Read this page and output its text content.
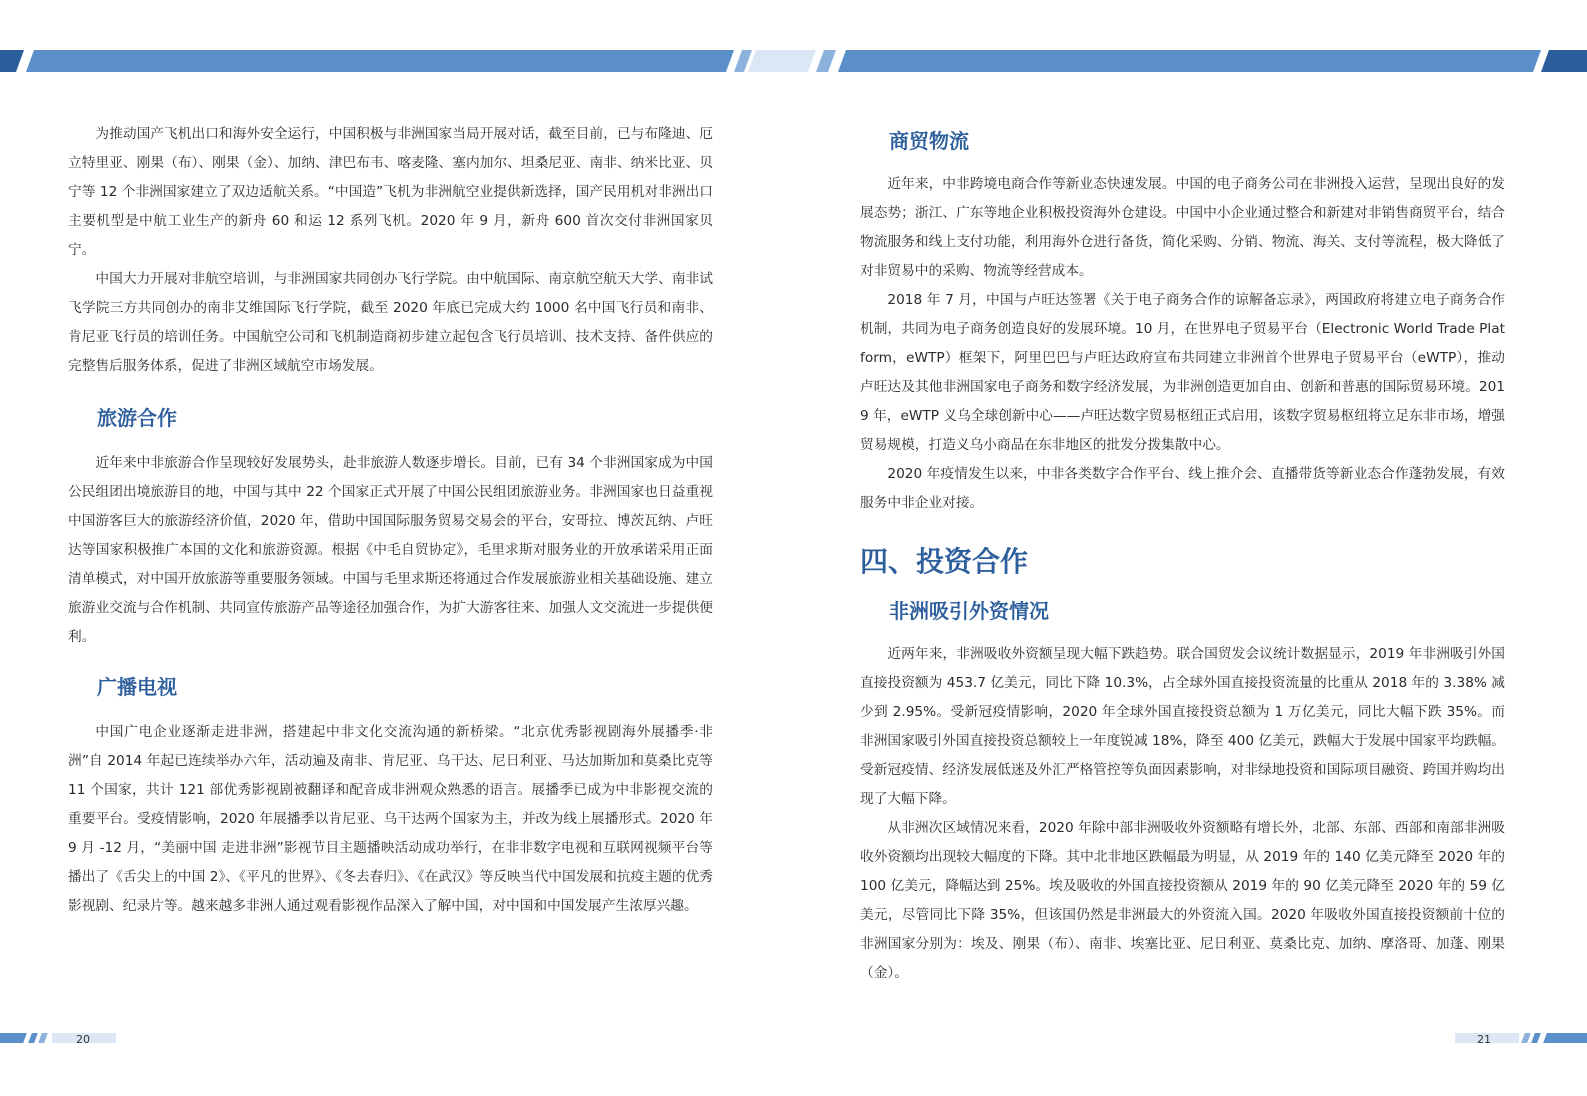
为推动国产飞机出口和海外安全运行，中国积极与非洲国家当局开展对话，截至目前，已与布隆迪、厄立特里亚、刚果（布）、刚果（金）、加纳、津巴布韦、喀麦隆、塞内加尔、坦桑尼亚、南非、纳米比亚、贝宁等 12 个非洲国家建立了双边适航关系。“中国造”飞机为非洲航空业提供新选择，国产民用机对非洲出口主要机型是中航工业生产的新舟 60 和运 12 系列飞机。2020 年 9 月，新舟 600 首次交付非洲国家贝宁。

中国大力开展对非航空培训，与非洲国家共同创办飞行学院。由中航国际、南京航空航天大学、南非试飞学院三方共同创办的南非艾维国际飞行学院，截至 2020 年底已完成大约 1000 名中国飞行员和南非、肯尼亚飞行员的培训任务。中国航空公司和飞机制造商初步建立起包含飞行员培训、技术支持、备件供应的完整售后服务体系，促进了非洲区域航空市场发展。

旅游合作

近年来中非旅游合作呈现较好发展势头，赴非旅游人数逐步增长。目前，已有 34 个非洲国家成为中国公民组团出境旅游目的地，中国与其中 22 个国家正式开展了中国公民组团旅游业务。非洲国家也日益重视中国游客巨大的旅游经济价值，2020 年，借助中国国际服务贸易交易会的平台，安哥拉、博茨瓦纳、卢旺达等国家积极推广本国的文化和旅游资源。根据《中毛自贸协定》，毛里求斯对服务业的开放承诺采用正面清单模式，对中国开放旅游等重要服务领域。中国与毛里求斯还将通过合作发展旅游业相关基础设施、建立旅游业交流与合作机制、共同宣传旅游产品等途径加强合作，为扩大游客往来、加强人文交流进一步提供便利。

广播电视

中国广电企业逐渐走进非洲，搭建起中非文化交流沟通的新桥梁。“北京优秀影视剧海外展播季·非洲”自 2014 年起已连续举办六年，活动遍及南非、肯尼亚、乌干达、尼日利亚、马达加斯加和莫桑比克等 11 个国家，共计 121 部优秀影视剧被翻译和配音成非洲观众熟悉的语言。展播季已成为中非影视交流的重要平台。受疫情影响，2020 年展播季以肯尼亚、乌干达两个国家为主，并改为线上展播形式。2020 年 9 月 -12 月，“美丽中国 走进非洲”影视节目主题播映活动成功举行，在非非数字电视和互联网视频平台等播出了《舌尖上的中国 2》、《平凡的世界》、《冬去春归》、《在武汉》等反映当代中国发展和抗疫主题的优秀影视剧、纪录片等。越来越多非洲人通过观看影视作品深入了解中国，对中国和中国发展产生浓厚兴趣。

商贸物流

近年来，中非跨境电商合作等新业态快速发展。中国的电子商务公司在非洲投入运营，呈现出良好的发展态势；浙江、广东等地企业积极投资海外仓建设。中国中小企业通过整合和新建对非销售商贸平台，结合物流服务和线上支付功能，利用海外仓进行备货，简化采购、分销、物流、海关、支付等流程，极大降低了对非贸易中的采购、物流等经营成本。

2018 年 7 月，中国与卢旺达签署《关于电子商务合作的谅解备忘录》，两国政府将建立电子商务合作机制，共同为电子商务创造良好的发展环境。10 月，在世界电子贸易平台（Electronic World Trade Platform，eWTP）框架下，阿里巴巴与卢旺达政府宣布共同建立非洲首个世界电子贸易平台（eWTP），推动卢旺达及其他非洲国家电子商务和数字经济发展，为非洲创造更加自由、创新和普惠的国际贸易环境。2019 年，eWTP 义乌全球创新中心——卢旺达数字贸易枢纽正式启用，该数字贸易枢纽将立足东非市场，增强贸易规模，打造义乌小商品在东非地区的批发分拨集散中心。

2020 年疫情发生以来，中非各类数字合作平台、线上推介会、直播带货等新业态合作蓬勃发展，有效服务中非企业对接。

四、投资合作
非洲吸引外资情况

近两年来，非洲吸收外资额呈现大幅下跌趋势。联合国贸发会议统计数据显示，2019 年非洲吸引外国直接投资额为 453.7 亿美元，同比下降 10.3%，占全球外国直接投资流量的比重从 2018 年的 3.38% 减少到 2.95%。受新冠疫情影响，2020 年全球外国直接投资总额为 1 万亿美元，同比大幅下跌 35%。而非洲国家吸引外国直接投资总额较上一年度锐减 18%，降至 400 亿美元，跌幅大于发展中国家平均跌幅。受新冠疫情、经济发展低迷及外汇严格管控等负面因素影响，对非绿地投资和国际项目融资、跨国并购均出现了大幅下降。

从非洲次区域情况来看，2020 年除中部非洲吸收外资额略有增长外，北部、东部、西部和南部非洲吸收外资额均出现较大幅度的下降。其中北非地区跌幅最为明显，从 2019 年的 140 亿美元降至 2020 年的 100 亿美元，降幅达到 25%。埃及吸收的外国直接投资额从 2019 年的 90 亿美元降至 2020 年的 59 亿美元，尽管同比下降 35%，但该国仍然是非洲最大的外资流入国。2020 年吸收外国直接投资额前十位的非洲国家分别为：埃及、刚果（布）、南非、埃塞比亚、尼日利亚、莫桑比克、加纳、摩洛哥、加蓬、刚果（金）。

20	21
